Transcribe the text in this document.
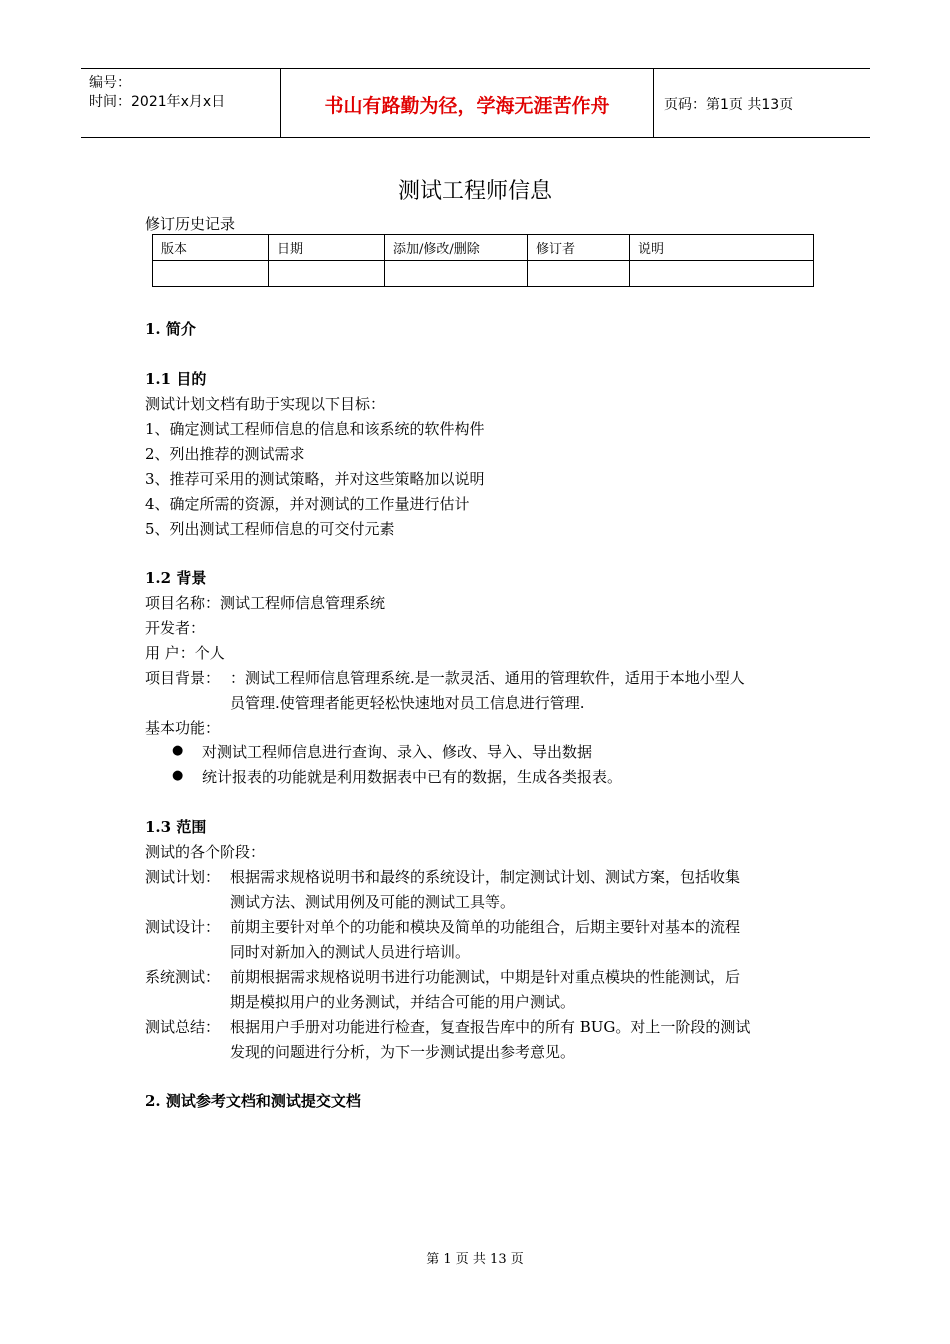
编号：
时间：2021年x月x日	书山有路勤为径，学海无涯苦作舟	页码：第1页 共13页
测试工程师信息
修订历史记录
版本	日期	添加/修改/删除	修订者	说明

1. 简介
1.1 目的
测试计划文档有助于实现以下目标：
1、确定测试工程师信息的信息和该系统的软件构件
2、列出推荐的测试需求
3、推荐可采用的测试策略，并对这些策略加以说明
4、确定所需的资源，并对测试的工作量进行估计
5、列出测试工程师信息的可交付元素
1.2 背景
项目名称：测试工程师信息管理系统
开发者：
用 户：个人
项目背景： ：测试工程师信息管理系统.是一款灵活、通用的管理软件，适用于本地小型人
员管理.使管理者能更轻松快速地对员工信息进行管理.
基本功能：
● 对测试工程师信息进行查询、录入、修改、导入、导出数据
● 统计报表的功能就是利用数据表中已有的数据，生成各类报表。
1.3 范围
测试的各个阶段：
测试计划： 根据需求规格说明书和最终的系统设计，制定测试计划、测试方案，包括收集
测试方法、测试用例及可能的测试工具等。
测试设计： 前期主要针对单个的功能和模块及简单的功能组合，后期主要针对基本的流程
同时对新加入的测试人员进行培训。
系统测试： 前期根据需求规格说明书进行功能测试，中期是针对重点模块的性能测试，后
期是模拟用户的业务测试，并结合可能的用户测试。
测试总结： 根据用户手册对功能进行检查，复查报告库中的所有 BUG。对上一阶段的测试
发现的问题进行分析，为下一步测试提出参考意见。
2. 测试参考文档和测试提交文档
第 1 页 共 13 页
